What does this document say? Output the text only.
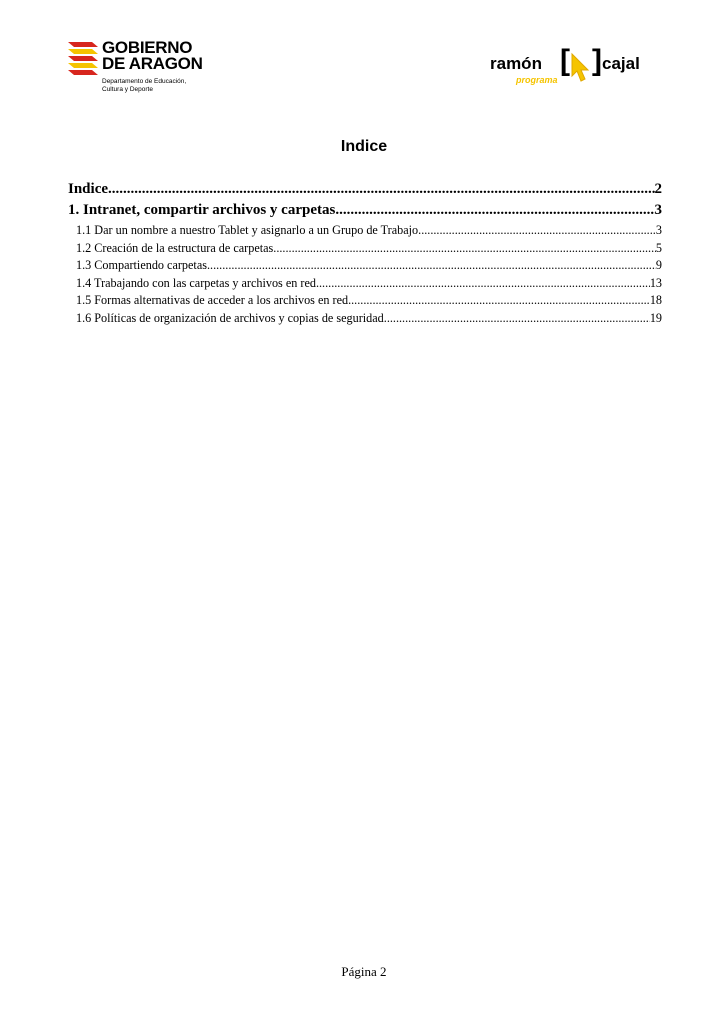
GOBIERNO
DE ARAGON
Departamento de Educación,
Cultura y Deporte
ramón [ ] cajal
programa
Indice
Indice .....	2
1. Intranet, compartir archivos y carpetas .....	3
1.1 Dar un nombre a nuestro Tablet y asignarlo a un Grupo de Trabajo .....	3
1.2 Creación de la estructura de carpetas .....	5
1.3 Compartiendo carpetas .....	9
1.4 Trabajando con las carpetas y archivos en red .....	13
1.5 Formas alternativas de acceder a los archivos en red .....	18
1.6 Políticas de organización de archivos y copias de seguridad .....	19
Página 2
